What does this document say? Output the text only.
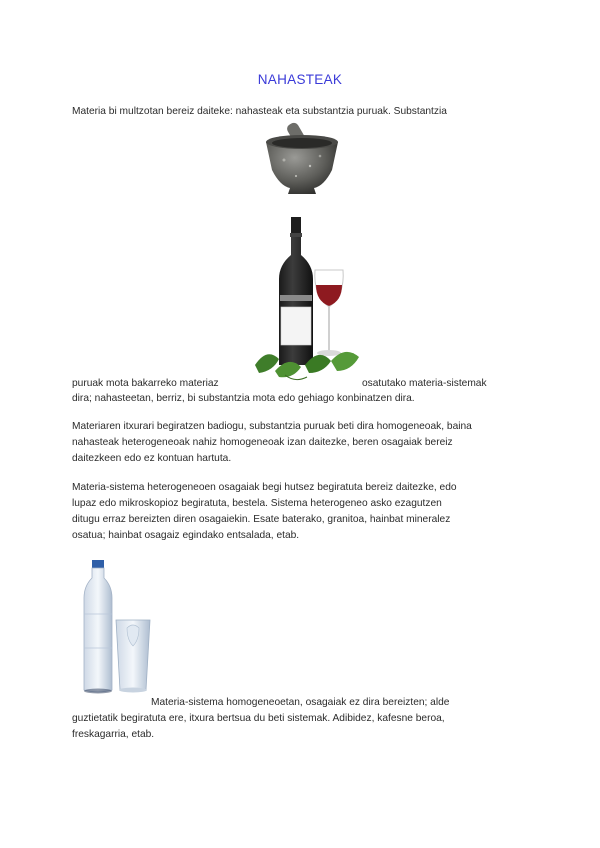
NAHASTEAK
Materia bi multzotan bereiz daiteke: nahasteak eta substantzia puruak. Substantzia
puruak mota bakarreko materiaz	osatutako materia-sistemak
dira; nahasteetan, berriz, bi substantzia mota edo gehiago konbinatzen dira.
Materiaren itxurari begiratzen badiogu, substantzia puruak beti dira homogeneoak, baina
nahasteak heterogeneoak nahiz homogeneoak izan daitezke, beren osagaiak bereiz
daitezkeen edo ez kontuan hartuta.
Materia-sistema heterogeneoen osagaiak begi hutsez begiratuta bereiz daitezke, edo
lupaz edo mikroskopioz begiratuta, bestela. Sistema heterogeneo asko ezagutzen
ditugu erraz bereizten diren osagaiekin. Esate baterako, granitoa, hainbat mineralez
osatua; hainbat osagaiz egindako entsalada, etab.
Materia-sistema homogeneoetan, osagaiak ez dira bereizten; alde
guztietatik begiratuta ere, itxura bertsua du beti sistemak. Adibidez, kafesne beroa,
freskagarria, etab.
